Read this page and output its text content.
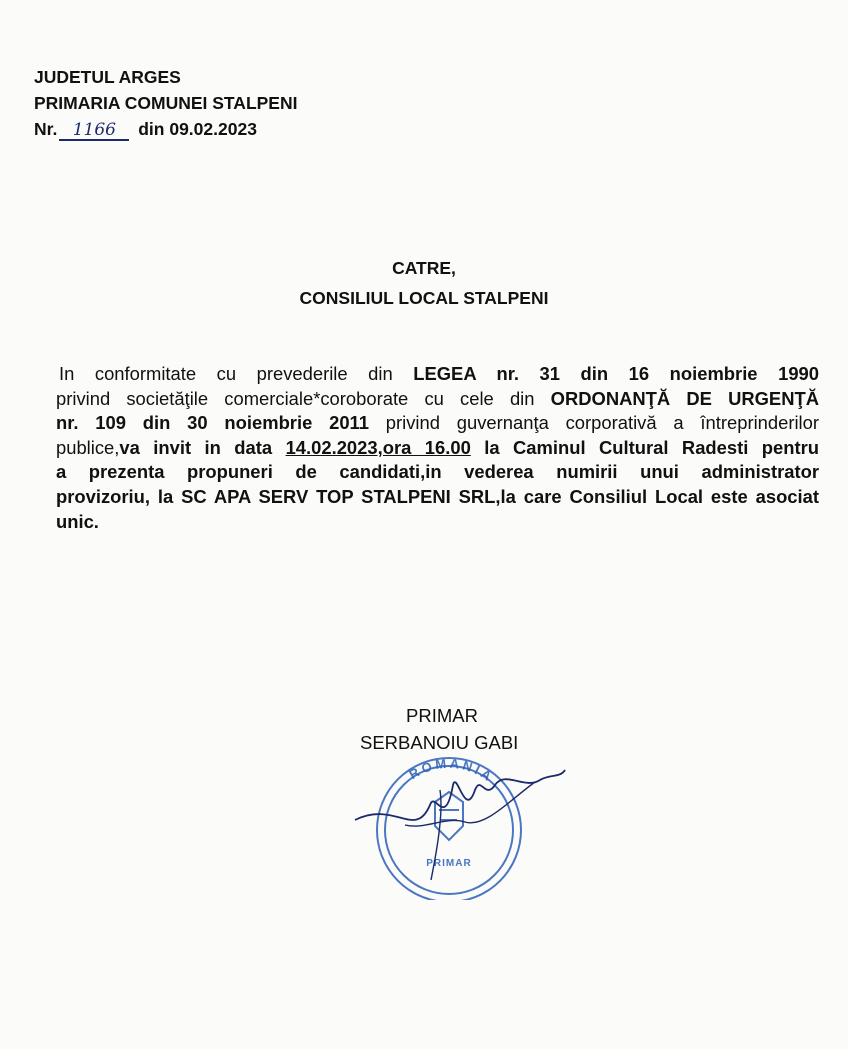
JUDETUL ARGES
PRIMARIA COMUNEI STALPENI
Nr. 1166 din 09.02.2023
CATRE,
CONSILIUL LOCAL STALPENI
In conformitate cu prevederile din LEGEA nr. 31 din 16 noiembrie 1990
privind societăţile comerciale*coroborate cu cele din ORDONANŢĂ DE URGENŢĂ
nr. 109 din 30 noiembrie 2011 privind guvernanţa corporativă a întreprinderilor
publice,va invit in data 14.02.2023,ora 16.00 la Caminul Cultural Radesti pentru
a prezenta propuneri de candidati,in vederea numirii unui administrator
provizoriu, la SC APA SERV TOP STALPENI SRL,la care Consiliul Local este asociat
unic.
PRIMAR
SERBANOIU GABI
ROMANIA
PRIMAR
